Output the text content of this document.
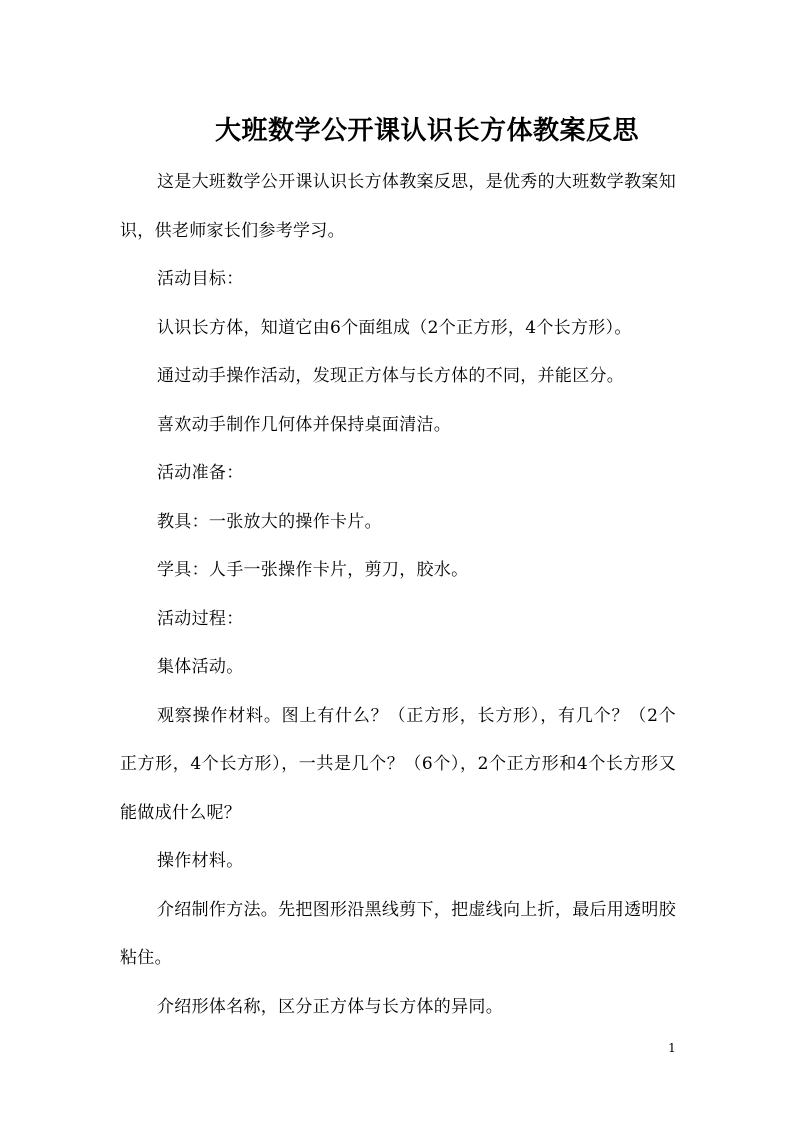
大班数学公开课认识长方体教案反思

这是大班数学公开课认识长方体教案反思，是优秀的大班数学教案知识，供老师家长们参考学习。

活动目标：

认识长方体，知道它由6个面组成（2个正方形，4个长方形）。

通过动手操作活动，发现正方体与长方体的不同，并能区分。

喜欢动手制作几何体并保持桌面清洁。

活动准备：

教具：一张放大的操作卡片。

学具：人手一张操作卡片，剪刀，胶水。

活动过程：

集体活动。

观察操作材料。图上有什么？（正方形，长方形），有几个？（2个正方形，4个长方形），一共是几个？（6个），2个正方形和4个长方形又能做成什么呢？

操作材料。

介绍制作方法。先把图形沿黑线剪下，把虚线向上折，最后用透明胶粘住。

介绍形体名称，区分正方体与长方体的异同。

1
